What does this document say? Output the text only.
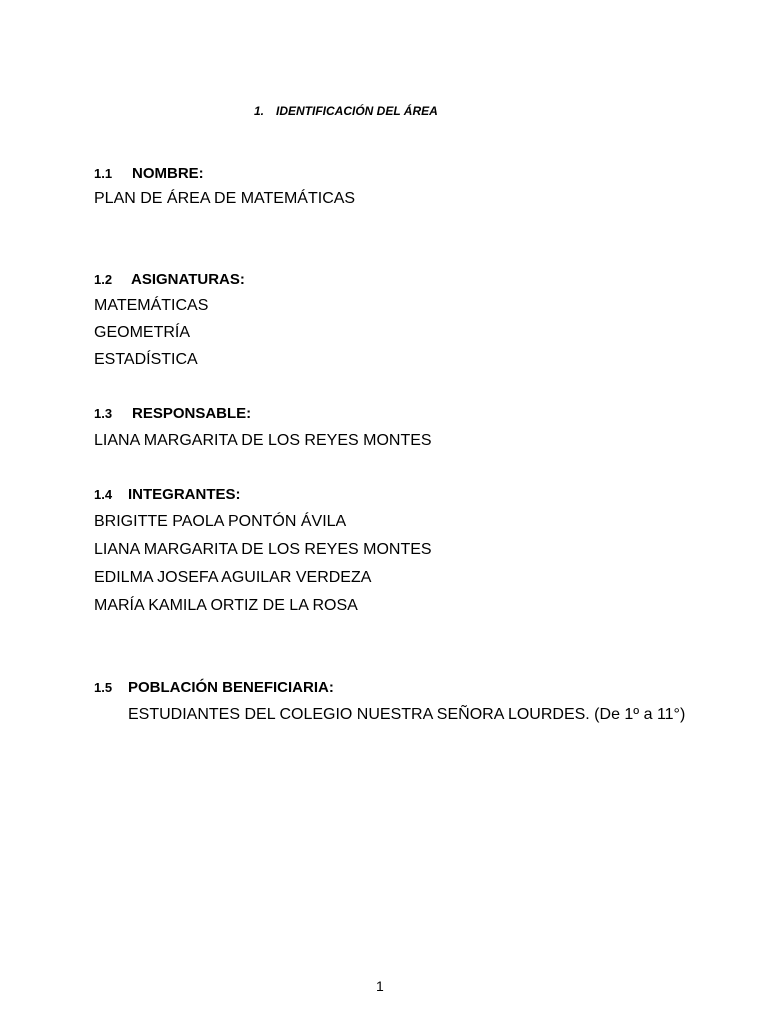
1. IDENTIFICACIÓN DEL ÁREA
1.1 NOMBRE:
PLAN DE ÁREA DE MATEMÁTICAS
1.2 ASIGNATURAS:
MATEMÁTICAS
GEOMETRÍA
ESTADÍSTICA
1.3 RESPONSABLE:
LIANA MARGARITA DE LOS REYES MONTES
1.4 INTEGRANTES:
BRIGITTE PAOLA PONTÓN ÁVILA
LIANA MARGARITA DE LOS REYES MONTES
EDILMA JOSEFA AGUILAR VERDEZA
MARÍA KAMILA ORTIZ DE LA ROSA
1.5 POBLACIÓN BENEFICIARIA:
ESTUDIANTES DEL COLEGIO NUESTRA SEÑORA LOURDES. (De 1º a 11°)
1
